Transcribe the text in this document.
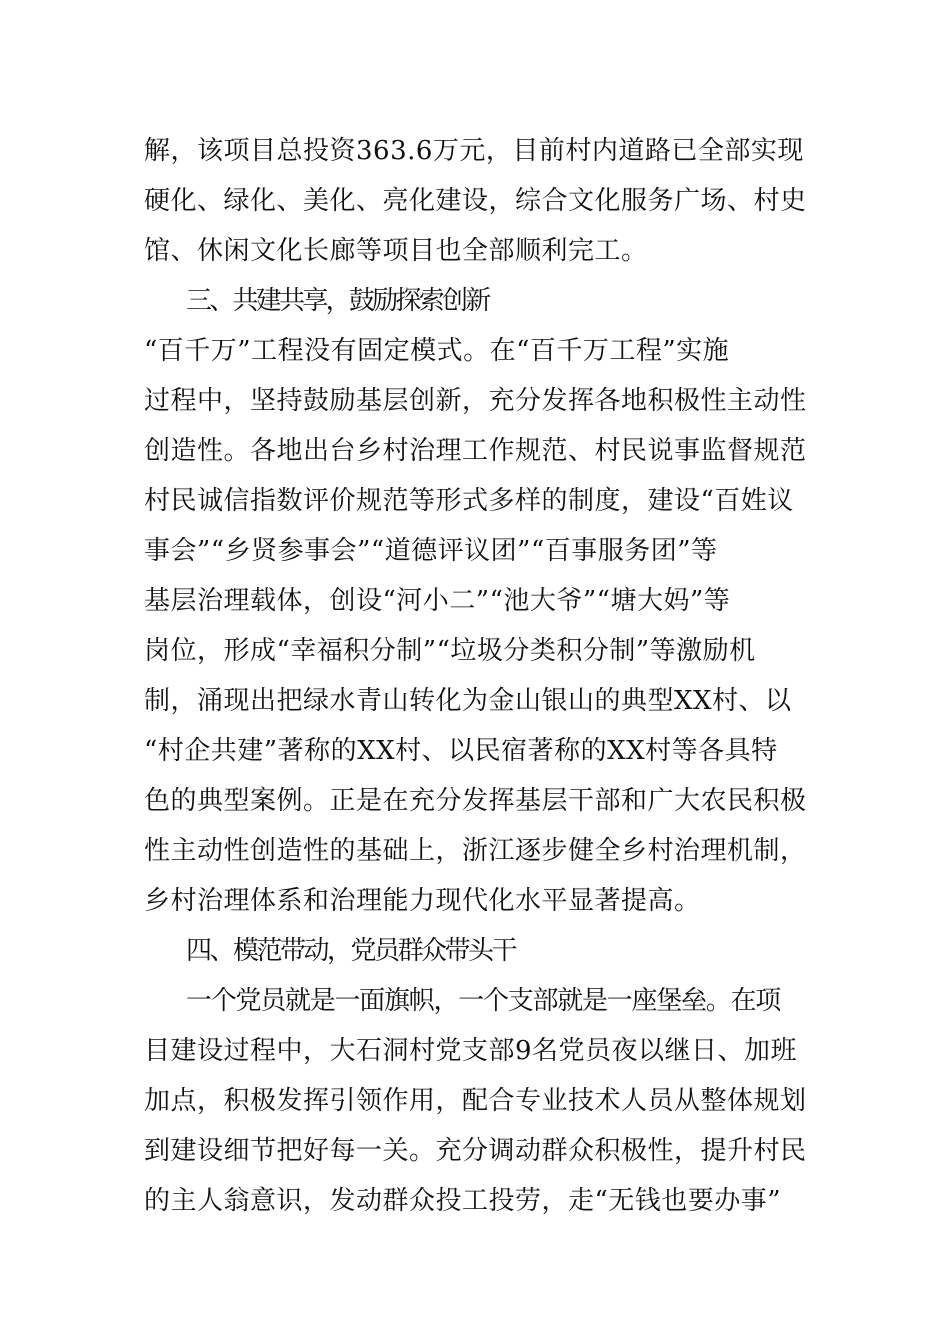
解，该项目总投资363.6万元，目前村内道路已全部实现
硬化、绿化、美化、亮化建设，综合文化服务广场、村史
馆、休闲文化长廊等项目也全部顺利完工。
三、共建共享，鼓励探索创新
“百千万”工程没有固定模式。在“百千万工程”实施
过程中，坚持鼓励基层创新，充分发挥各地积极性主动性
创造性。各地出台乡村治理工作规范、村民说事监督规范
村民诚信指数评价规范等形式多样的制度，建设“百姓议
事会”“乡贤参事会”“道德评议团”“百事服务团”等
基层治理载体，创设“河小二”“池大爷”“塘大妈”等
岗位，形成“幸福积分制”“垃圾分类积分制”等激励机
制，涌现出把绿水青山转化为金山银山的典型XX村、以
“村企共建”著称的XX村、以民宿著称的XX村等各具特
色的典型案例。正是在充分发挥基层干部和广大农民积极
性主动性创造性的基础上，浙江逐步健全乡村治理机制，
乡村治理体系和治理能力现代化水平显著提高。
四、模范带动，党员群众带头干
一个党员就是一面旗帜，一个支部就是一座堡垒。在项
目建设过程中，大石洞村党支部9名党员夜以继日、加班
加点，积极发挥引领作用，配合专业技术人员从整体规划
到建设细节把好每一关。充分调动群众积极性，提升村民
的主人翁意识，发动群众投工投劳，走“无钱也要办事”
